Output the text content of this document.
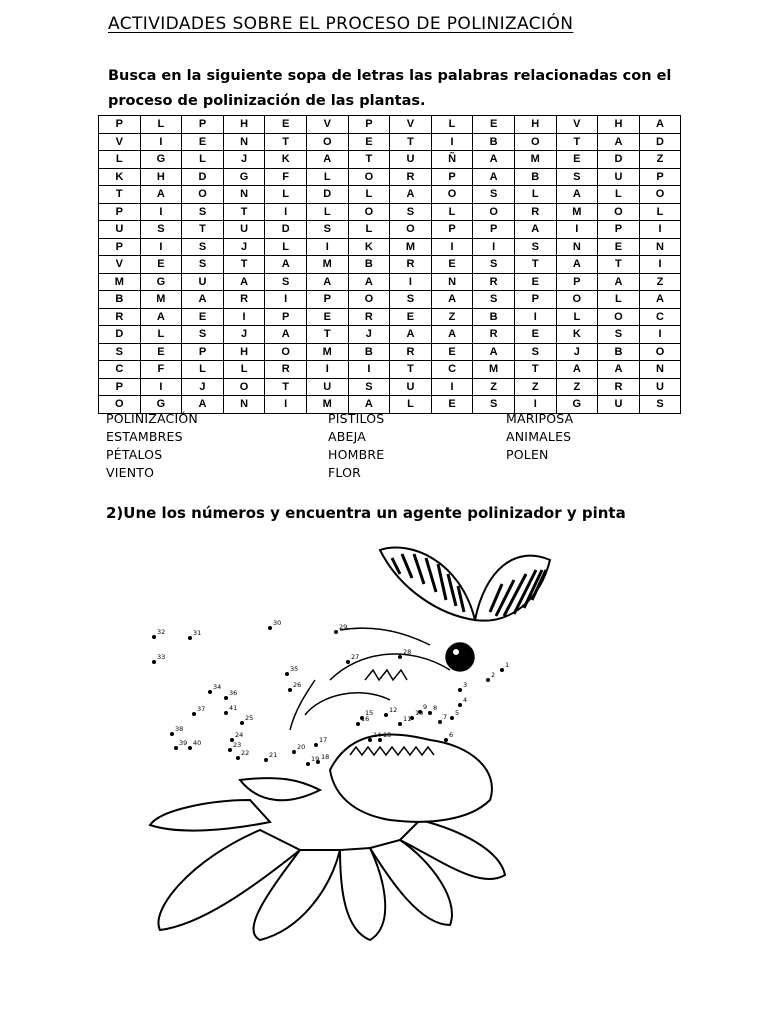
ACTIVIDADES SOBRE EL PROCESO DE POLINIZACIÓN
Busca en la siguiente sopa de letras las palabras relacionadas con el proceso de polinización de las plantas.
P	L	P	H	E	V	P	V	L	E	H	V	H	A
V	I	E	N	T	O	E	T	I	B	O	T	A	D
L	G	L	J	K	A	T	U	Ñ	A	M	E	D	Z
K	H	D	G	F	L	O	R	P	A	B	S	U	P
T	A	O	N	L	D	L	A	O	S	L	A	L	O
P	I	S	T	I	L	O	S	L	O	R	M	O	L
U	S	T	U	D	S	L	O	P	P	A	I	P	I
P	I	S	J	L	I	K	M	I	I	S	N	E	N
V	E	S	T	A	M	B	R	E	S	T	A	T	I
M	G	U	A	S	A	A	I	N	R	E	P	A	Z
B	M	A	R	I	P	O	S	A	S	P	O	L	A
R	A	E	I	P	E	R	E	Z	B	I	L	O	C
D	L	S	J	A	T	J	A	A	R	E	K	S	I
S	E	P	H	O	M	B	R	E	A	S	J	B	O
C	F	L	L	R	I	I	T	C	M	T	A	A	N
P	I	J	O	T	U	S	U	I	Z	Z	Z	R	U
O	G	A	N	I	M	A	L	E	S	I	G	U	S
POLINIZACIÓN	PISTILOS	MARIPOSA
ESTAMBRES	ABEJA	ANIMALES
PÉTALOS	HOMBRE	POLEN
VIENTO	FLOR

2)Une los números y encuentra un agente polinizador y pinta

1
2
3
4
5
6
7
8
9
10
11
12
13
14
15
16
17
18
19
20
21
22
23
24
25
26
27
28
29
30
31
32
33
34
35
36
37
38
39 40
41
